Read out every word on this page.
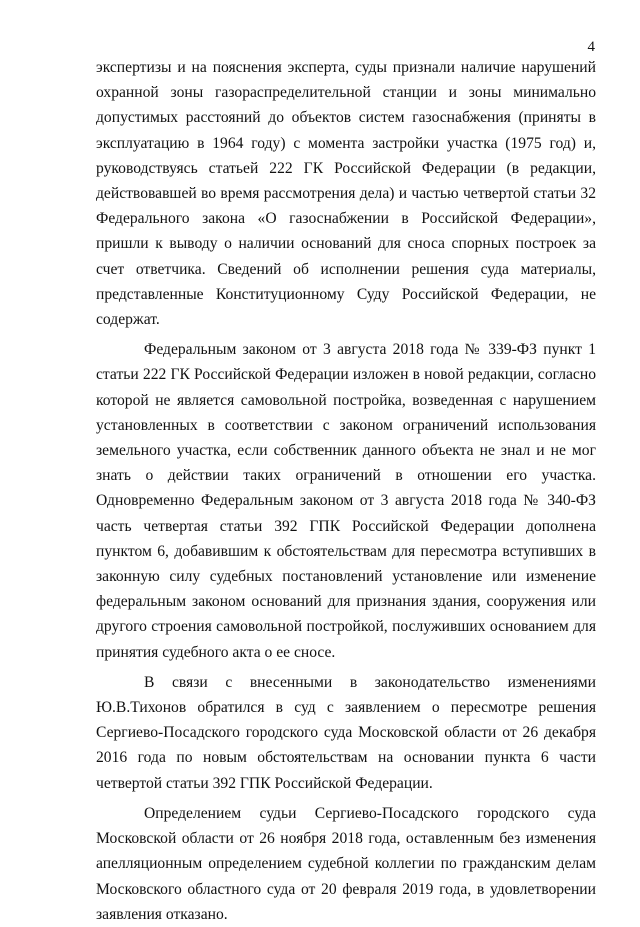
4

экспертизы и на пояснения эксперта, суды признали наличие нарушений охранной зоны газораспределительной станции и зоны минимально допустимых расстояний до объектов систем газоснабжения (приняты в эксплуатацию в 1964 году) с момента застройки участка (1975 год) и, руководствуясь статьей 222 ГК Российской Федерации (в редакции, действовавшей во время рассмотрения дела) и частью четвертой статьи 32 Федерального закона «О газоснабжении в Российской Федерации», пришли к выводу о наличии оснований для сноса спорных построек за счет ответчика. Сведений об исполнении решения суда материалы, представленные Конституционному Суду Российской Федерации, не содержат.

Федеральным законом от 3 августа 2018 года № 339-ФЗ пункт 1 статьи 222 ГК Российской Федерации изложен в новой редакции, согласно которой не является самовольной постройка, возведенная с нарушением установленных в соответствии с законом ограничений использования земельного участка, если собственник данного объекта не знал и не мог знать о действии таких ограничений в отношении его участка. Одновременно Федеральным законом от 3 августа 2018 года № 340-ФЗ часть четвертая статьи 392 ГПК Российской Федерации дополнена пунктом 6, добавившим к обстоятельствам для пересмотра вступивших в законную силу судебных постановлений установление или изменение федеральным законом оснований для признания здания, сооружения или другого строения самовольной постройкой, послуживших основанием для принятия судебного акта о ее сносе.

В связи с внесенными в законодательство изменениями Ю.В.Тихонов обратился в суд с заявлением о пересмотре решения Сергиево-Посадского городского суда Московской области от 26 декабря 2016 года по новым обстоятельствам на основании пункта 6 части четвертой статьи 392 ГПК Российской Федерации.

Определением судьи Сергиево-Посадского городского суда Московской области от 26 ноября 2018 года, оставленным без изменения апелляционным определением судебной коллегии по гражданским делам Московского областного суда от 20 февраля 2019 года, в удовлетворении заявления отказано.
